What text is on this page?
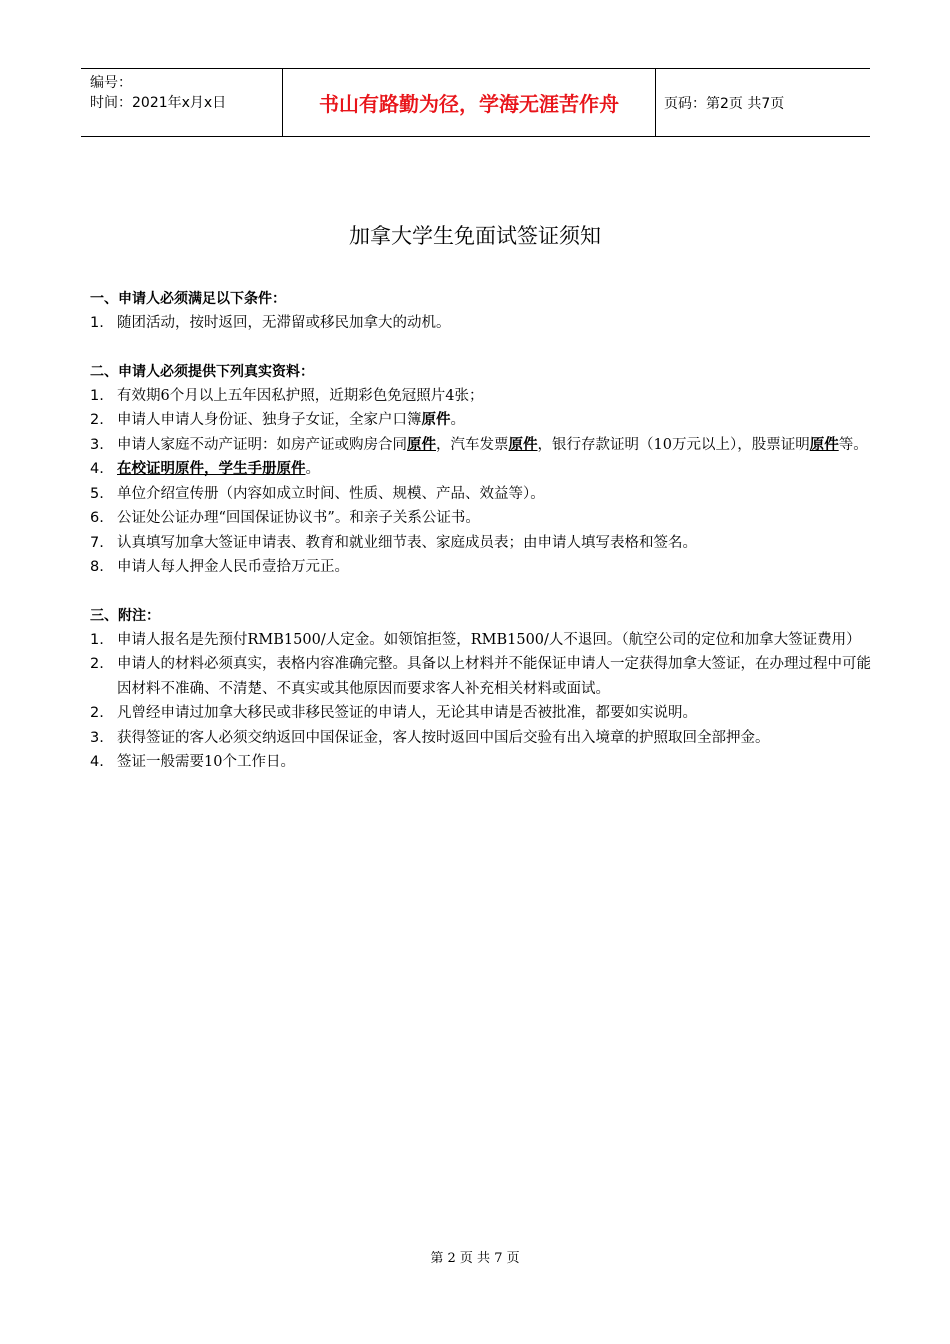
编号：
时间：2021年x月x日	书山有路勤为径，学海无涯苦作舟	页码：第2页 共7页
加拿大学生免面试签证须知
一、申请人必须满足以下条件：
1. 随团活动，按时返回，无滞留或移民加拿大的动机。
二、申请人必须提供下列真实资料：
1. 有效期6个月以上五年因私护照，近期彩色免冠照片4张；
2. 申请人申请人身份证、独身子女证，全家户口簿原件。
3. 申请人家庭不动产证明：如房产证或购房合同原件，汽车发票原件，银行存款证明（10万元以上），股票证明原件等。
4. 在校证明原件，学生手册原件。
5. 单位介绍宣传册（内容如成立时间、性质、规模、产品、效益等）。
6. 公证处公证办理“回国保证协议书”。和亲子关系公证书。
7. 认真填写加拿大签证申请表、教育和就业细节表、家庭成员表；由申请人填写表格和签名。
8. 申请人每人押金人民币壹拾万元正。
三、附注：
1. 申请人报名是先预付RMB1500/人定金。如领馆拒签，RMB1500/人不退回。（航空公司的定位和加拿大签证费用）
2. 申请人的材料必须真实，表格内容准确完整。具备以上材料并不能保证申请人一定获得加拿大签证，在办理过程中可能因材料不准确、不清楚、不真实或其他原因而要求客人补充相关材料或面试。
2. 凡曾经申请过加拿大移民或非移民签证的申请人，无论其申请是否被批准，都要如实说明。
3. 获得签证的客人必须交纳返回中国保证金，客人按时返回中国后交验有出入境章的护照取回全部押金。
4. 签证一般需要10个工作日。
第 2 页 共 7 页
